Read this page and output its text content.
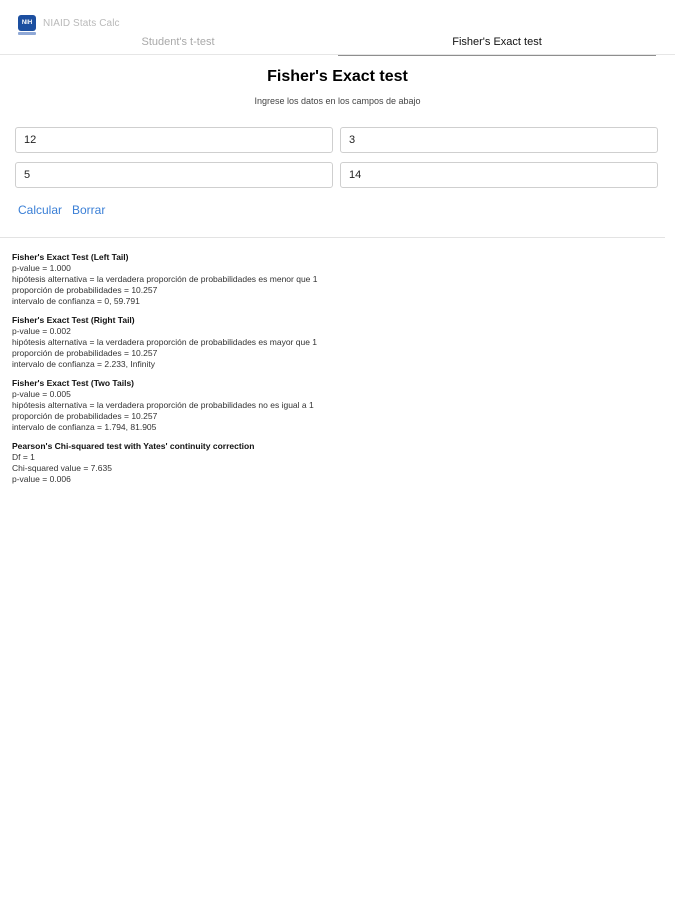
NIH NIAID Stats Calc
Student's t-test	Fisher's Exact test
Fisher's Exact test
Ingrese los datos en los campos de abajo
12
3
5
14
Calcular Borrar
Fisher's Exact Test (Left Tail)
p-value = 1.000
hipótesis alternativa = la verdadera proporción de probabilidades es menor que 1
proporción de probabilidades = 10.257
intervalo de confianza = 0, 59.791
Fisher's Exact Test (Right Tail)
p-value = 0.002
hipótesis alternativa = la verdadera proporción de probabilidades es mayor que 1
proporción de probabilidades = 10.257
intervalo de confianza = 2.233, Infinity
Fisher's Exact Test (Two Tails)
p-value = 0.005
hipótesis alternativa = la verdadera proporción de probabilidades no es igual a 1
proporción de probabilidades = 10.257
intervalo de confianza = 1.794, 81.905
Pearson's Chi-squared test with Yates' continuity correction
Df = 1
Chi-squared value = 7.635
p-value = 0.006
